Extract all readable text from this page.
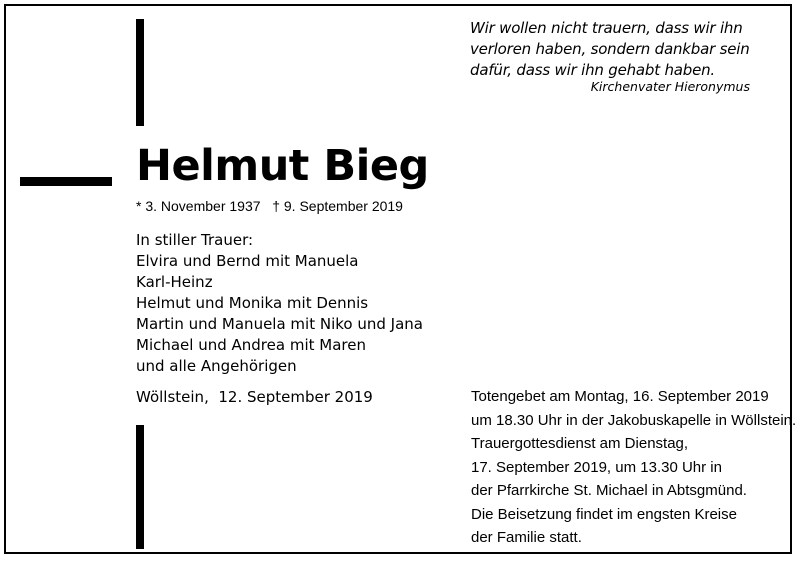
Wir wollen nicht trauern, dass wir ihn
verloren haben, sondern dankbar sein
dafür, dass wir ihn gehabt haben.
Kirchenvater Hieronymus
Helmut Bieg
* 3. November 1937 † 9. September 2019
In stiller Trauer:
Elvira und Bernd mit Manuela
Karl-Heinz
Helmut und Monika mit Dennis
Martin und Manuela mit Niko und Jana
Michael und Andrea mit Maren
und alle Angehörigen
Wöllstein,  12. September 2019	Totengebet am Montag, 16. September 2019
um 18.30 Uhr in der Jakobuskapelle in Wöllstein.
Trauergottesdienst am Dienstag,
17. September 2019, um 13.30 Uhr in
der Pfarrkirche St. Michael in Abtsgmünd.
Die Beisetzung findet im engsten Kreise
der Familie statt.
